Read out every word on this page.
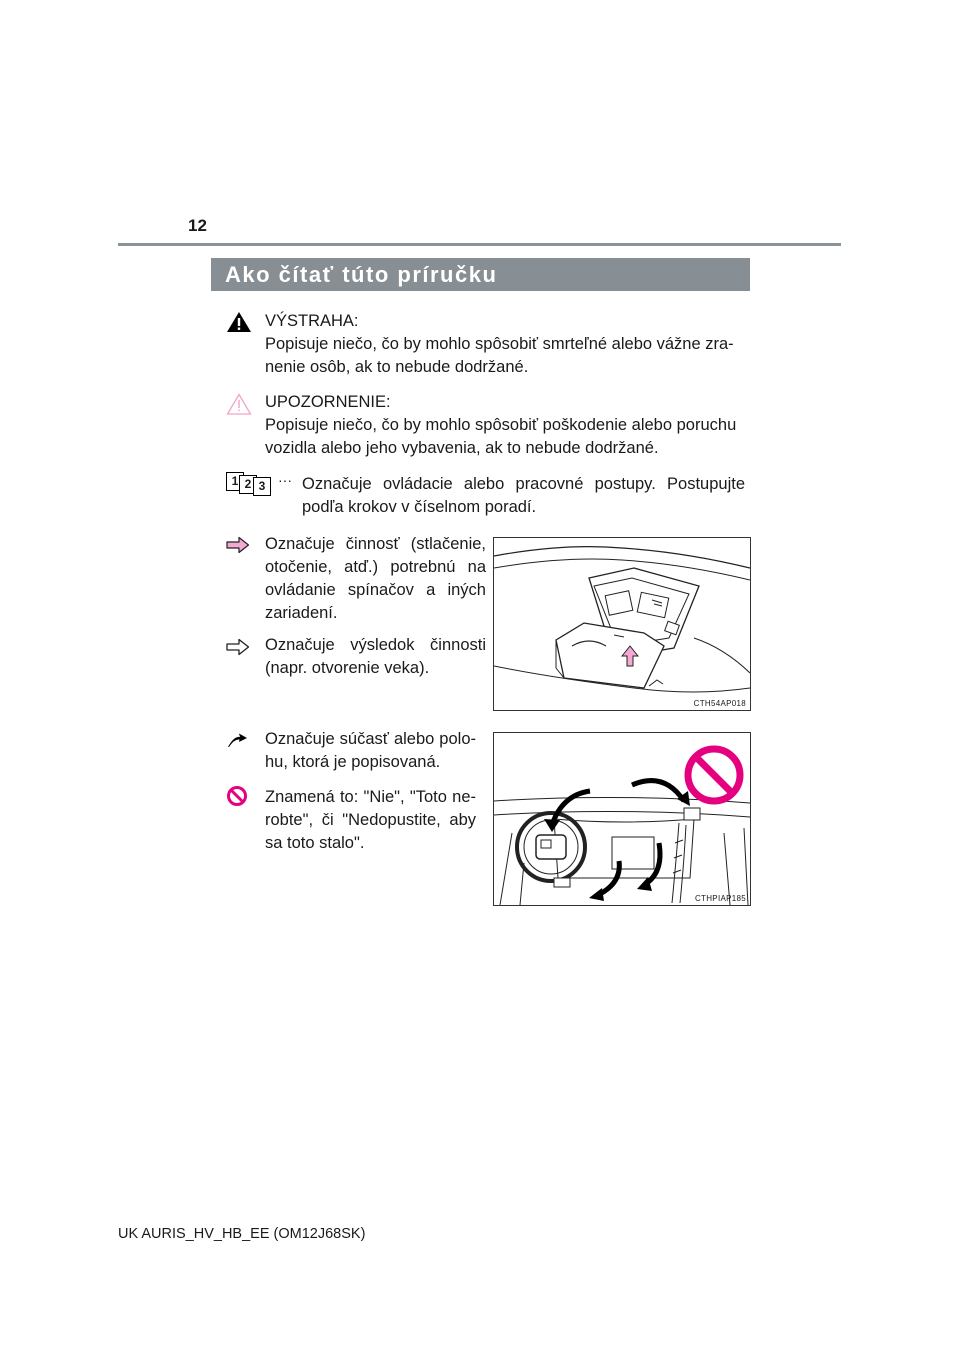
12
Ako čítať túto príručku
VÝSTRAHA:
Popisuje niečo, čo by mohlo spôsobiť smrteľné alebo vážne zra-
nenie osôb, ak to nebude dodržané.
UPOZORNENIE:
Popisuje niečo, čo by mohlo spôsobiť poškodenie alebo poruchu
vozidla alebo jeho vybavenia, ak to nebude dodržané.
1 2 3 ··· Označuje ovládacie alebo pracovné postupy. Postupujte
podľa krokov v číselnom poradí.
Označuje činnosť (stlačenie, otočenie, atď.) potrebnú na ovládanie spínačov a iných zariadení.
Označuje výsledok činnosti (napr. otvorenie veka).
CTH54AP018
Označuje súčasť alebo polo-hu, ktorá je popisovaná.
Znamená to: "Nie", "Toto ne-robte", či "Nedopustite, aby sa toto stalo".
CTHPIAP185
UK AURIS_HV_HB_EE (OM12J68SK)
